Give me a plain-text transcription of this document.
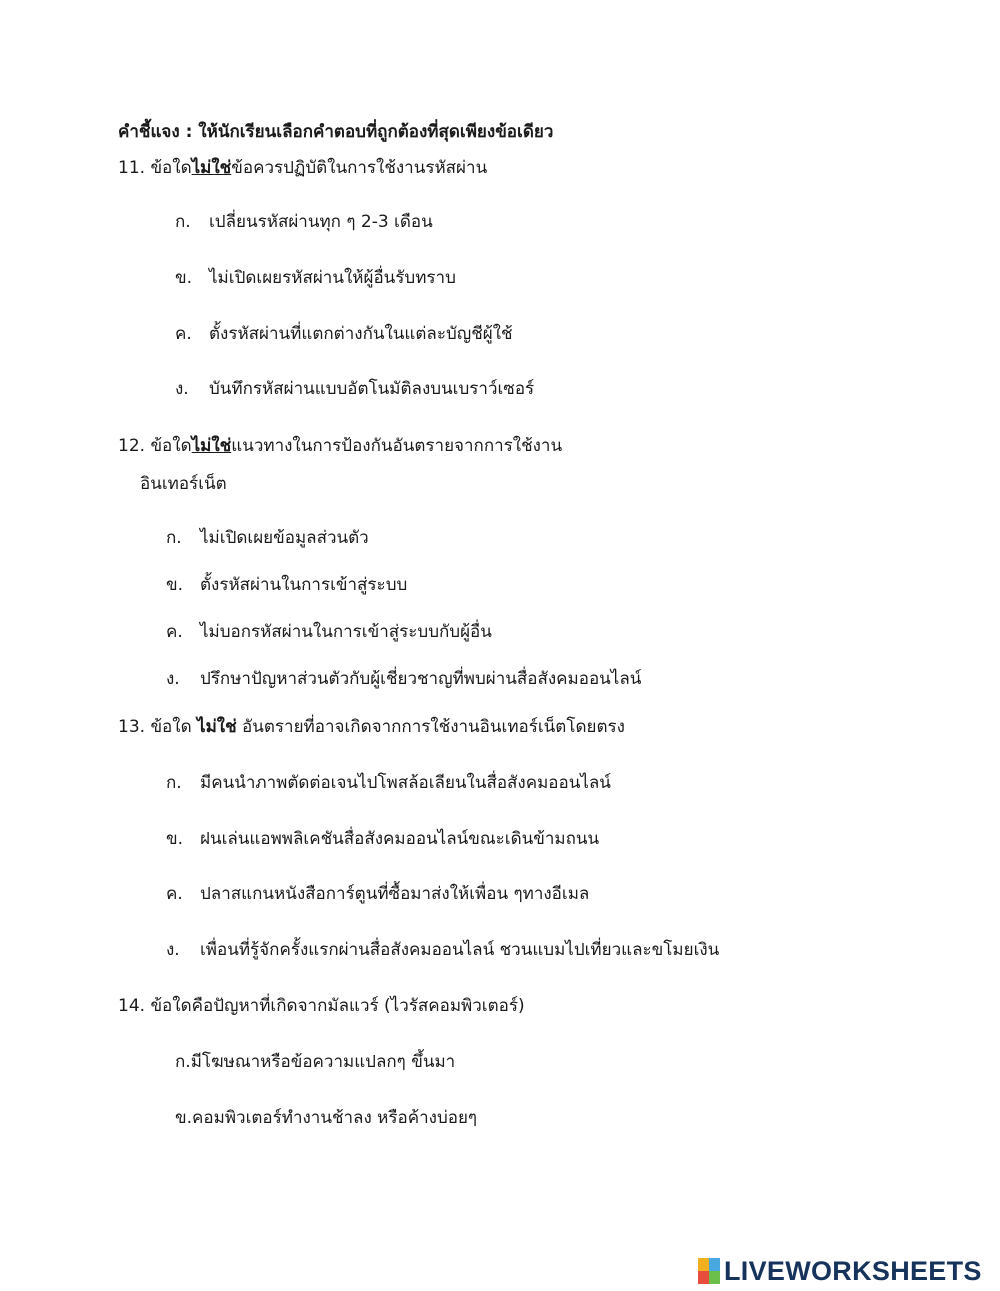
คำชี้แจง : ให้นักเรียนเลือกคำตอบที่ถูกต้องที่สุดเพียงข้อเดียว
11. ข้อใดไม่ใช่ข้อควรปฏิบัติในการใช้งานรหัสผ่าน
ก.	เปลี่ยนรหัสผ่านทุก ๆ 2-3 เดือน
ข. ไม่เปิดเผยรหัสผ่านให้ผู้อื่นรับทราบ
ค.	ตั้งรหัสผ่านที่แตกต่างกันในแต่ละบัญชีผู้ใช้
ง.	บันทึกรหัสผ่านแบบอัตโนมัติลงบนเบราว์เซอร์
12. ข้อใดไม่ใช่แนวทางในการป้องกันอันตรายจากการใช้งาน
อินเทอร์เน็ต
ก.	ไม่เปิดเผยข้อมูลส่วนตัว
ข. ตั้งรหัสผ่านในการเข้าสู่ระบบ
ค.	ไม่บอกรหัสผ่านในการเข้าสู่ระบบกับผู้อื่น
ง.	ปรึกษาปัญหาส่วนตัวกับผู้เชี่ยวชาญที่พบผ่านสื่อสังคมออนไลน์
13. ข้อใด ไม่ใช่ อันตรายที่อาจเกิดจากการใช้งานอินเทอร์เน็ตโดยตรง
ก.	มีคนนำภาพตัดต่อเจนไปโพสล้อเลียนในสื่อสังคมออนไลน์
ข. ฝนเล่นแอพพลิเคชันสื่อสังคมออนไลน์ขณะเดินข้ามถนน
ค.	ปลาสแกนหนังสือการ์ตูนที่ซื้อมาส่งให้เพื่อน ๆทางอีเมล
ง.	เพื่อนที่รู้จักครั้งแรกผ่านสื่อสังคมออนไลน์ ชวนแบมไปเที่ยวและขโมยเงิน
14. ข้อใดคือปัญหาที่เกิดจากมัลแวร์ (ไวรัสคอมพิวเตอร์)
ก.มีโฆษณาหรือข้อความแปลกๆ ขึ้นมา
ข.คอมพิวเตอร์ทำงานช้าลง หรือค้างบ่อยๆ
LIVEWORKSHEETS
